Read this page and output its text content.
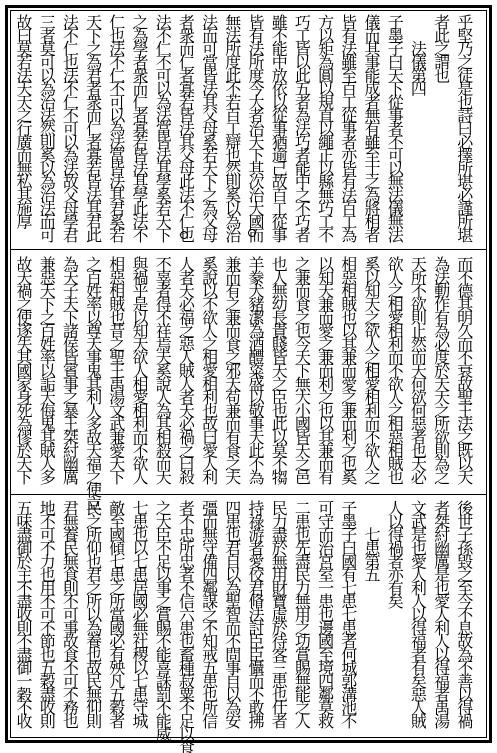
乎堅乃之徒是也詩曰必擇所堪必謹所堪
者此之謂也
　　法儀第四
子墨子曰天下從事者不可以無法儀無法
儀而其事能成者無有雖至士之為將相者
皆有法雖至百工從事者亦皆有法百工為
方以矩為圓以規直以繩正以縣無巧工不
巧工皆以此五者為法巧者能中之不巧者
雖不能中放依以從事猶逾己故百工從事
皆有法所度今大者治天下其次治大國而
無法所度此不若百工辯也然則奚以為治
法而可當皆法其父母奚若天下之為父母
者衆而仁者寡若皆法其父母此法不仁也
法不仁不可以為法當皆法其學奚若天下
之為學者衆而仁者寡若皆法其學此法不
仁也法不仁不可以為法當皆法其君奚若
天下之為君者衆而仁者寡若皆法其君此
法不仁也法不仁不可以為法故父母學君
三者莫可以為治法然則奚以為治法而可
故曰莫若法天天之行廣而無私其施厚
而不德其明久而不衰故聖王法之既以天
為法動作有為必度於天天之所欲則為之
天所不欲則止然而天何欲何惡者也天必
欲人之相愛相利而不欲人之相惡相賊也
奚以知天之欲人之相愛相利而不欲人之
相惡相賊也以其兼而愛之兼而利之也奚
以知天兼而愛之兼而利之也以其兼而有
之兼而食之也今天下無大小國皆天之邑
也人無幼長貴賤皆天之臣也此以莫不犓
羊豢犬豬潔為酒醴粢盛以敬事天此不為
兼而有之兼而食之邪天苟兼而有食之夫
奚說以不欲人之相愛相利也故曰愛人利
人者天必福之惡人賊人者天必禍之曰殺
不辜者得不祥焉夫奚說人為其相殺而天
與禍乎是以知天欲人相愛相利而不欲人
相惡相賊也昔之聖王禹湯文武兼愛天下
之百姓率以尊天事鬼其利人多故天福之使立
為天子天下諸侯皆賓事之暴王桀紂幽厲
兼惡天下之百姓率以詬天侮鬼其賊人多
故天禍之使遂失其國家身死為僇於天下
後世子孫毀之至今不息故為不善以得禍
者桀紂幽厲是也愛人利人以得福者禹湯
文武是也愛人利人以得福者有矣惡人賊
人以得禍者亦有矣
　　七患第五
子墨子曰國有七患七患者何城郭溝池不
可守而治宮室一患也邊國至境四鄰莫救
二患也先盡民力無用之功賞賜無能之人
民力盡於無用財寶虛於待客三患也仕者
持祿游者愛佼君脩法討臣臣懾而不敢拂
四患也君自以為聖智而不問事自以為安
彊而無守備四鄰謀之不知戒五患也所信
者不忠所忠者不信六患也畜種菽粟不足以食
之大臣不足以事之賞賜不能喜誅罰不能威
七患也以七患居國必無社稷以七患守城
敵至國傾七患之所當國必有殃凡五穀者
民之所仰也君之所以為養也故民無仰則
君無養民無食則不可事故食不可不務也
地不可不力也用不可不節也五穀盡收則
五味盡御於主不盡收則不盡御一穀不收
